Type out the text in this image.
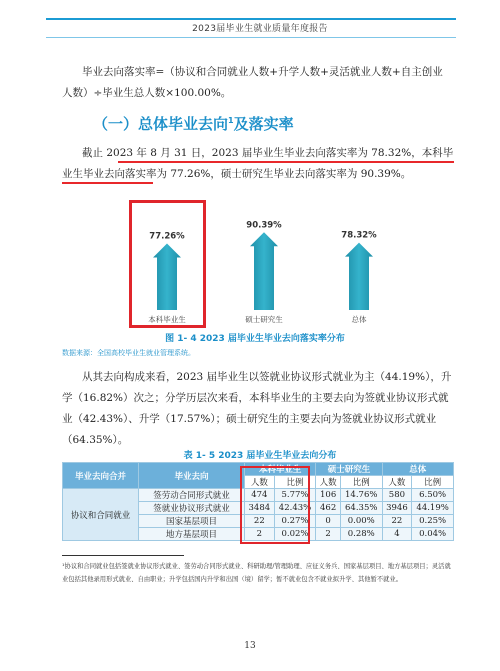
2023届毕业生就业质量年度报告
毕业去向落实率=（协议和合同就业人数+升学人数+灵活就业人数+自主创业人数）÷毕业生总人数×100.00%。
（一）总体毕业去向$^1$及落实率
截止 2023 年 8 月 31 日，2023 届毕业生毕业去向落实率为 78.32%，本科毕业生毕业去向落实率为 77.26%，硕士研究生毕业去向落实率为 90.39%。
77.26%
本科毕业生
90.39%
硕士研究生
78.32%
总体
图 1- 4 2023 届毕业生毕业去向落实率分布
数据来源：全国高校毕业生就业管理系统。
从其去向构成来看，2023 届毕业生以签就业协议形式就业为主（44.19%），升学（16.82%）次之；分学历层次来看，本科毕业生的主要去向为签就业协议形式就业（42.43%）、升学（17.57%）；硕士研究生的主要去向为签就业协议形式就业（64.35%）。
表 1- 5 2023 届毕业生毕业去向分布
毕业去向合并	毕业去向	本科毕业生		硕士研究生		总体	
		人数	比例	人数	比例	人数	比例
协议和合同就业	签劳动合同形式就业	474	5.77%	106	14.76%	580	6.50%
	签就业协议形式就业	3484	42.43%	462	64.35%	3946	44.19%
	国家基层项目	22	0.27%	0	0.00%	22	0.25%
	地方基层项目	2	0.02%	2	0.28%	4	0.04%
¹协议和合同就业包括签就业协议形式就业、签劳动合同形式就业、科研助理/管理助理、应征义务兵、国家基层项目、地方基层项目；灵活就业包括其他录用形式就业、自由职业；升学包括国内升学和出国（境）留学；暂不就业包含不就业拟升学、其他暂不就业。
13
